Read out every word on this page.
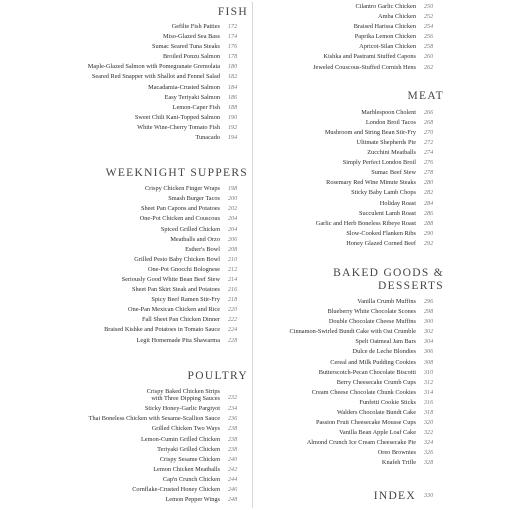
FISH
Gefilte Fish Patties 172
Miso-Glazed Sea Bass 174
Sumac Seared Tuna Steaks 176
Broiled Ponzu Salmon 178
Maple-Glazed Salmon with Pomegranate Gremolata 180
Seared Red Snapper with Shallot and Fennel Salad 182
Macadamia-Crusted Salmon 184
Easy Teriyaki Salmon 186
Lemon-Caper Fish 188
Sweet Chili Kani-Topped Salmon 190
White Wine-Cherry Tomato Fish 192
Tunacado 194
WEEKNIGHT SUPPERS
Crispy Chicken Finger Wraps 198
Smash Burger Tacos 200
Sheet Pan Capons and Potatoes 202
One-Pot Chicken and Couscous 204
Spiced Grilled Chicken 204
Meatballs and Orzo 206
Esther's Bowl 208
Grilled Pesto Baby Chicken Bowl 210
One-Pot Gnocchi Bolognese 212
Seriously Good White Bean Beef Stew 214
Sheet Pan Skirt Steak and Potatoes 216
Spicy Beef Ramen Stir-Fry 218
One-Pan Mexican Chicken and Rice 220
Fall Sheet Pan Chicken Dinner 222
Braised Kishke and Potatoes in Tomato Sauce 224
Legit Homemade Pita Shawarma 228
POULTRY
Crispy Baked Chicken Strips
with Three Dipping Sauces 232
Sticky Honey-Garlic Pargiyot 234
Thai Boneless Chicken with Sesame-Scallion Sauce 236
Grilled Chicken Two Ways 238
Lemon-Cumin Grilled Chicken 238
Teriyaki Grilled Chicken 238
Crispy Sesame Chicken 240
Lemon Chicken Meatballs 242
Cap'n Crunch Chicken 244
Cornflake-Crusted Honey Chicken 246
Lemon Pepper Wings 248
Cilantro Garlic Chicken 250
Amba Chicken 252
Braised Harissa Chicken 254
Paprika Lemon Chicken 256
Apricot-Silan Chicken 258
Kishka and Pastrami Stuffed Capons 260
Jeweled Couscous-Stuffed Cornish Hens 262
MEAT
Marblespoon Cholent 266
London Broil Tacos 268
Mushroom and String Bean Stir-Fry 270
Ultimate Shepherds Pie 272
Zucchini Meatballs 274
Simply Perfect London Broil 276
Sumac Beef Stew 278
Rosemary Red Wine Minute Steaks 280
Sticky Baby Lamb Chops 282
Holiday Roast 284
Succulent Lamb Roast 286
Garlic and Herb Boneless Ribeye Roast 288
Slow-Cooked Flanken Ribs 290
Honey Glazed Corned Beef 292
BAKED GOODS &
DESSERTS
Vanilla Crumb Muffins 296
Blueberry White Chocolate Scones 298
Double Chocolate Cheese Muffins 300
Cinnamon-Swirled Bundt Cake with Oat Crumble 302
Spelt Oatmeal Jam Bars 304
Dulce de Leche Blondies 306
Cereal and Milk Pudding Cookies 308
Butterscotch-Pecan Chocolate Biscotti 310
Berry Cheesecake Crumb Cups 312
Cream Cheese Chocolate Chunk Cookies 314
Funfetti Cookie Sticks 316
Walders Chocolate Bundt Cake 318
Passion Fruit Cheesecake Mousse Cups 320
Vanilla Bean Apple Loaf Cake 322
Almond Crunch Ice Cream Cheesecake Pie 324
Oreo Brownies 326
Knafeh Trifle 328
INDEX 330
